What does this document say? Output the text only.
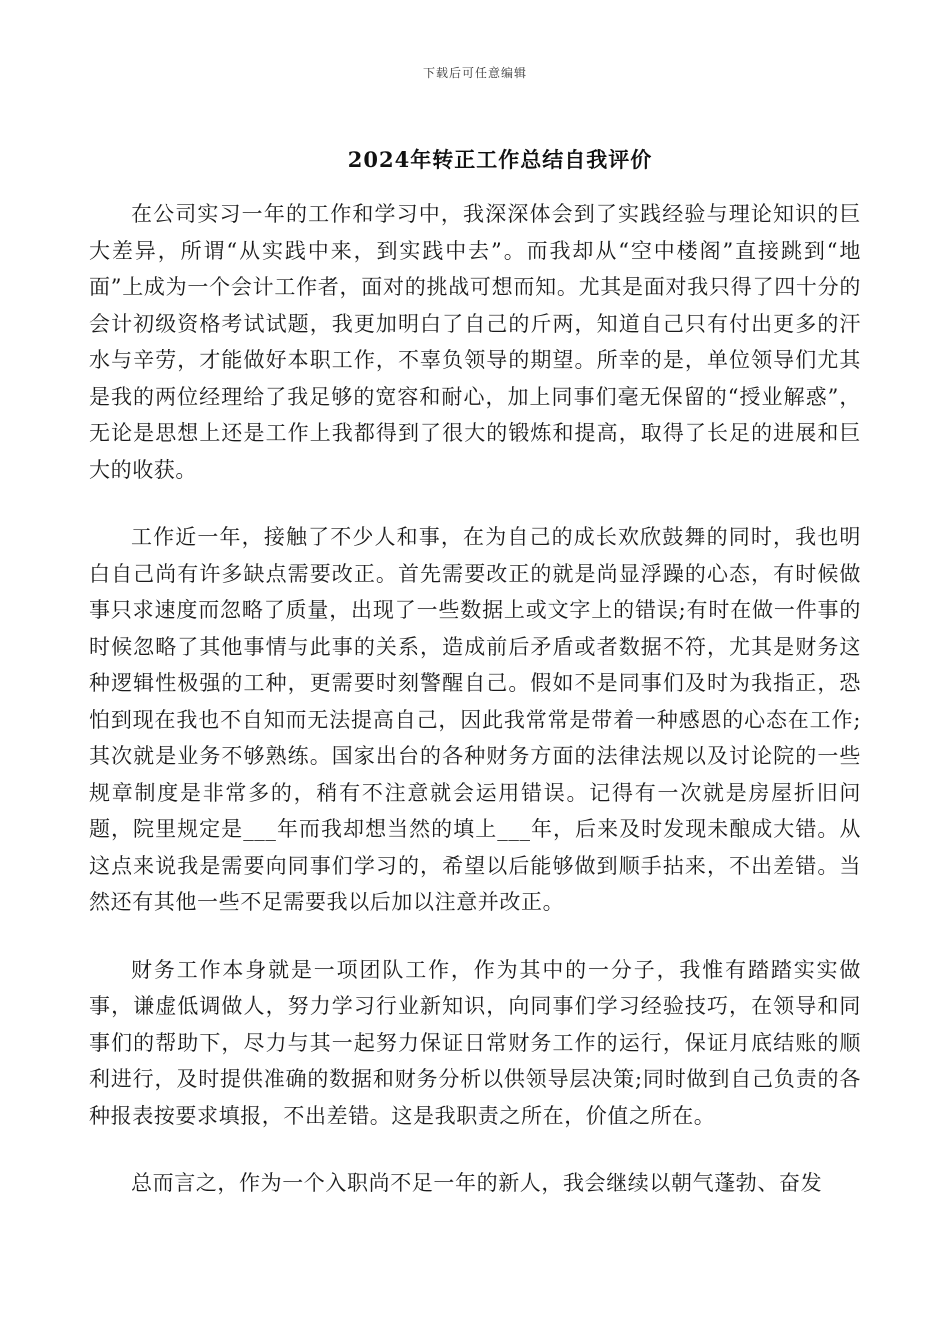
下载后可任意编辑
2024年转正工作总结自我评价

在公司实习一年的工作和学习中，我深深体会到了实践经验与理论知识的巨大差异，所谓“从实践中来，到实践中去”。而我却从“空中楼阁”直接跳到“地面”上成为一个会计工作者，面对的挑战可想而知。尤其是面对我只得了四十分的会计初级资格考试试题，我更加明白了自己的斤两，知道自己只有付出更多的汗水与辛劳，才能做好本职工作，不辜负领导的期望。所幸的是，单位领导们尤其是我的两位经理给了我足够的宽容和耐心，加上同事们毫无保留的“授业解惑”，无论是思想上还是工作上我都得到了很大的锻炼和提高，取得了长足的进展和巨大的收获。

工作近一年，接触了不少人和事，在为自己的成长欢欣鼓舞的同时，我也明白自己尚有许多缺点需要改正。首先需要改正的就是尚显浮躁的心态，有时候做事只求速度而忽略了质量，出现了一些数据上或文字上的错误;有时在做一件事的时候忽略了其他事情与此事的关系，造成前后矛盾或者数据不符，尤其是财务这种逻辑性极强的工种，更需要时刻警醒自己。假如不是同事们及时为我指正，恐怕到现在我也不自知而无法提高自己，因此我常常是带着一种感恩的心态在工作;其次就是业务不够熟练。国家出台的各种财务方面的法律法规以及讨论院的一些规章制度是非常多的，稍有不注意就会运用错误。记得有一次就是房屋折旧问题，院里规定是___年而我却想当然的填上___年，后来及时发现未酿成大错。从这点来说我是需要向同事们学习的，希望以后能够做到顺手拈来，不出差错。当然还有其他一些不足需要我以后加以注意并改正。

财务工作本身就是一项团队工作，作为其中的一分子，我惟有踏踏实实做事，谦虚低调做人，努力学习行业新知识，向同事们学习经验技巧，在领导和同事们的帮助下，尽力与其一起努力保证日常财务工作的运行，保证月底结账的顺利进行，及时提供准确的数据和财务分析以供领导层决策;同时做到自己负责的各种报表按要求填报，不出差错。这是我职责之所在，价值之所在。

总而言之，作为一个入职尚不足一年的新人，我会继续以朝气蓬勃、奋发
